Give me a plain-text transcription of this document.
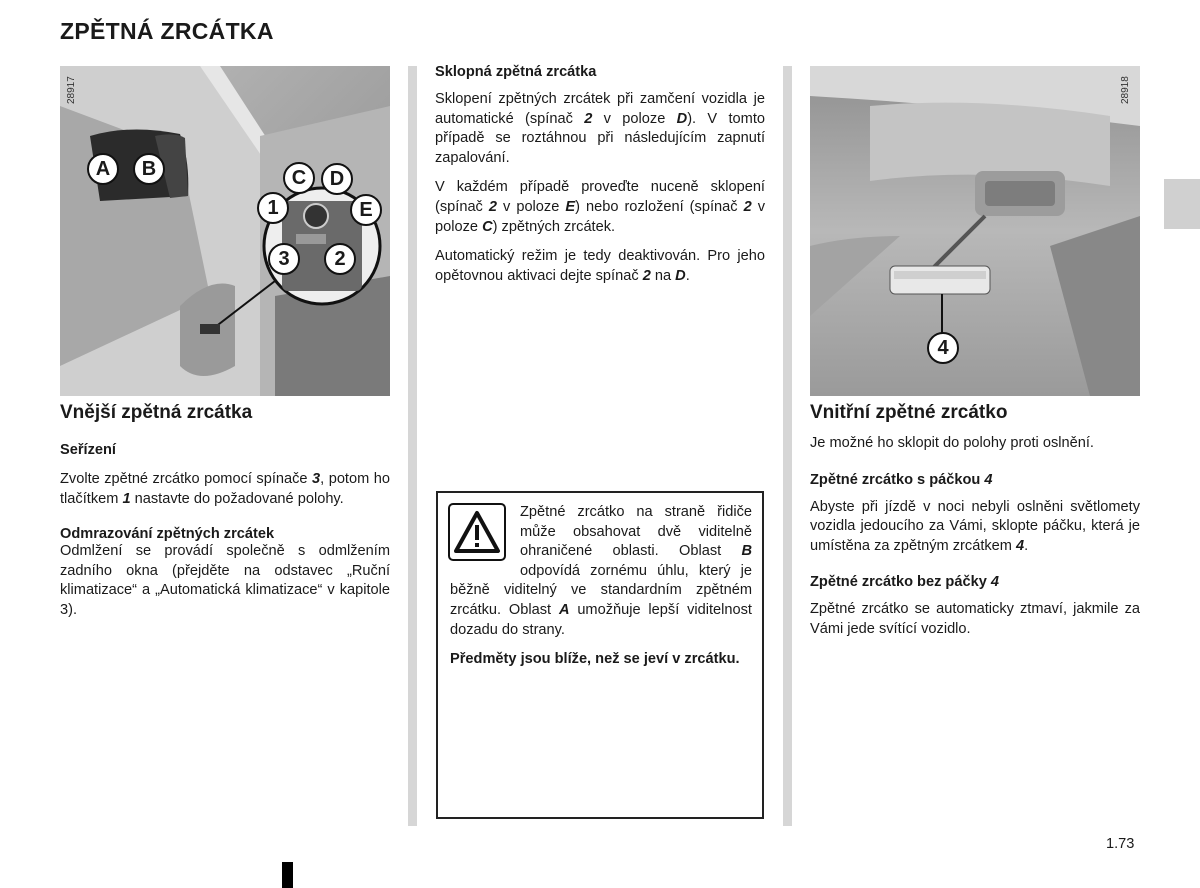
ZPĚTNÁ ZRCÁTKA
28917
A	B	C	D
1	E
3	2
Vnější zpětná zrcátka
Seřízení

Zvolte zpětné zrcátko pomocí spínače 3, potom ho tlačítkem 1 nastavte do požadované polohy.

Odmrazování zpětných zrcátek

Odmlžení se provádí společně s odmlžením zadního okna (přejděte na odstavec „Ruční klimatizace“ a „Automatická klimatizace“ v kapitole 3).

Sklopná zpětná zrcátka

Sklopení zpětných zrcátek při zamčení vozidla je automatické (spínač 2 v poloze D). V tomto případě se roztáhnou při následujícím zapnutí zapalování.

V každém případě proveďte nuceně sklopení (spínač 2 v poloze E) nebo rozložení (spínač 2 v poloze C) zpětných zrcátek.

Automatický režim je tedy deaktivován. Pro jeho opětovnou aktivaci dejte spínač 2 na D.

Zpětné zrcátko na straně řidiče může obsahovat dvě viditelně ohraničené oblasti. Oblast B odpovídá zornému úhlu, který je běžně viditelný ve standardním zpětném zrcátku. Oblast A umožňuje lepší viditelnost dozadu do strany.

Předměty jsou blíže, než se jeví v zrcátku.

28918
4
Vnitřní zpětné zrcátko

Je možné ho sklopit do polohy proti oslnění.

Zpětné zrcátko s páčkou 4

Abyste při jízdě v noci nebyli oslněni světlomety vozidla jedoucího za Vámi, sklopte páčku, která je umístěna za zpětným zrcátkem 4.

Zpětné zrcátko bez páčky 4

Zpětné zrcátko se automaticky ztmaví, jakmile za Vámi jede svítící vozidlo.

1.73
